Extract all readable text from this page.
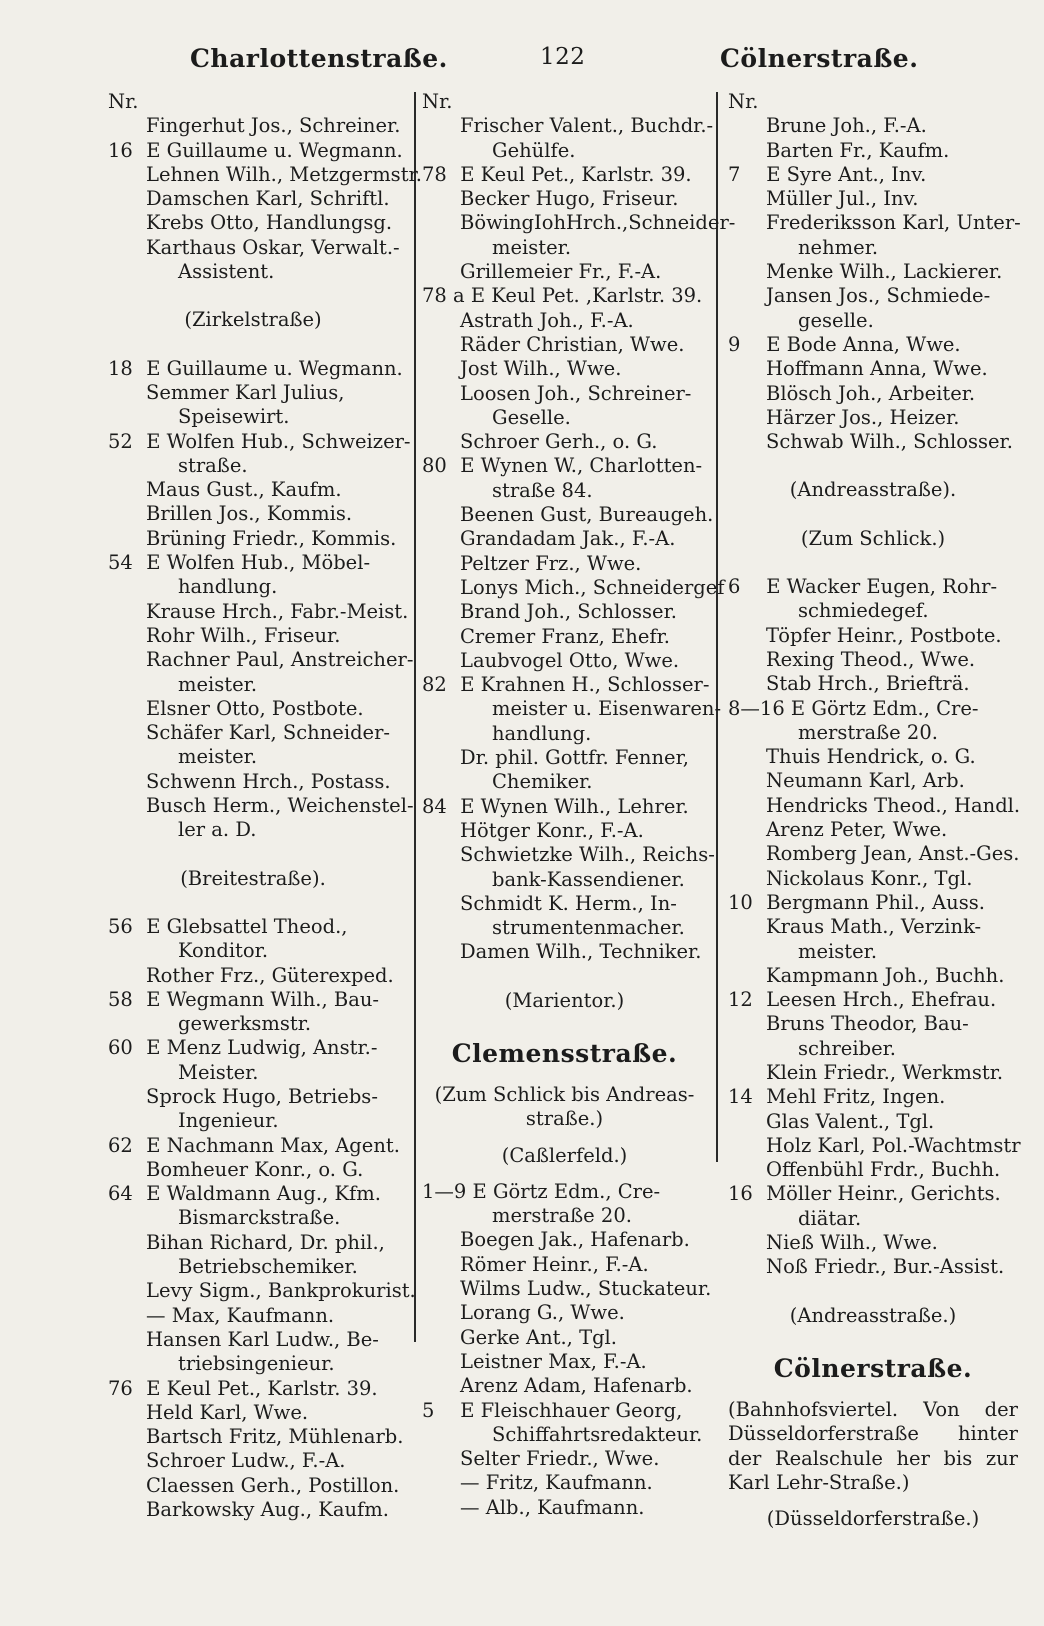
Charlottenstraße.	122	Cölnerstraße.
Nr.
Fingerhut Jos., Schreiner.
16 E Guillaume u. Wegmann.
Lehnen Wilh., Metzgermstr.
Damschen Karl, Schriftl.
Krebs Otto, Handlungsg.
Karthaus Oskar, Verwalt.-
Assistent.
(Zirkelstraße)
18 E Guillaume u. Wegmann.
Semmer Karl Julius,
Speisewirt.
52 E Wolfen Hub., Schweizer-
straße.
Maus Gust., Kaufm.
Brillen Jos., Kommis.
Brüning Friedr., Kommis.
54 E Wolfen Hub., Möbel-
handlung.
Krause Hrch., Fabr.-Meist.
Rohr Wilh., Friseur.
Rachner Paul, Anstreicher-
meister.
Elsner Otto, Postbote.
Schäfer Karl, Schneider-
meister.
Schwenn Hrch., Postass.
Busch Herm., Weichenstel-
ler a. D.
(Breitestraße).
56 E Glebsattel Theod.,
Konditor.
Rother Frz., Güterexped.
58 E Wegmann Wilh., Bau-
gewerksmstr.
60 E Menz Ludwig, Anstr.-
Meister.
Sprock Hugo, Betriebs-
Ingenieur.
62 E Nachmann Max, Agent.
Bomheuer Konr., o. G.
64 E Waldmann Aug., Kfm.
Bismarckstraße.
Bihan Richard, Dr. phil.,
Betriebschemiker.
Levy Sigm., Bankprokurist.
— Max, Kaufmann.
Hansen Karl Ludw., Be-
triebsingenieur.
76 E Keul Pet., Karlstr. 39.
Held Karl, Wwe.
Bartsch Fritz, Mühlenarb.
Schroer Ludw., F.-A.
Claessen Gerh., Postillon.
Barkowsky Aug., Kaufm.
Nr.
Frischer Valent., Buchdr.-
Gehülfe.
78 E Keul Pet., Karlstr. 39.
Becker Hugo, Friseur.
BöwingIohHrch.,Schneider-
meister.
Grillemeier Fr., F.-A.
78 a E Keul Pet. ,Karlstr. 39.
Astrath Joh., F.-A.
Räder Christian, Wwe.
Jost Wilh., Wwe.
Loosen Joh., Schreiner-
Geselle.
Schroer Gerh., o. G.
80 E Wynen W., Charlotten-
straße 84.
Beenen Gust, Bureaugeh.
Grandadam Jak., F.-A.
Peltzer Frz., Wwe.
Lonys Mich., Schneidergef
Brand Joh., Schlosser.
Cremer Franz, Ehefr.
Laubvogel Otto, Wwe.
82 E Krahnen H., Schlosser-
meister u. Eisenwaren-
handlung.
Dr. phil. Gottfr. Fenner,
Chemiker.
84 E Wynen Wilh., Lehrer.
Hötger Konr., F.-A.
Schwietzke Wilh., Reichs-
bank-Kassendiener.
Schmidt K. Herm., In-
strumentenmacher.
Damen Wilh., Techniker.
(Marientor.)
Clemensstraße.
(Zum Schlick bis Andreas-
straße.)
(Caßlerfeld.)
1—9 E Görtz Edm., Cre-
merstraße 20.
Boegen Jak., Hafenarb.
Römer Heinr., F.-A.
Wilms Ludw., Stuckateur.
Lorang G., Wwe.
Gerke Ant., Tgl.
Leistner Max, F.-A.
Arenz Adam, Hafenarb.
5 E Fleischhauer Georg,
Schiffahrtsredakteur.
Selter Friedr., Wwe.
— Fritz, Kaufmann.
— Alb., Kaufmann.
Nr.
Brune Joh., F.-A.
Barten Fr., Kaufm.
7 E Syre Ant., Inv.
Müller Jul., Inv.
Frederiksson Karl, Unter-
nehmer.
Menke Wilh., Lackierer.
Jansen Jos., Schmiede-
geselle.
9 E Bode Anna, Wwe.
Hoffmann Anna, Wwe.
Blösch Joh., Arbeiter.
Härzer Jos., Heizer.
Schwab Wilh., Schlosser.
(Andreasstraße).
(Zum Schlick.)
6 E Wacker Eugen, Rohr-
schmiedegef.
Töpfer Heinr., Postbote.
Rexing Theod., Wwe.
Stab Hrch., Briefträ.
8—16 E Görtz Edm., Cre-
merstraße 20.
Thuis Hendrick, o. G.
Neumann Karl, Arb.
Hendricks Theod., Handl.
Arenz Peter, Wwe.
Romberg Jean, Anst.-Ges.
Nickolaus Konr., Tgl.
10 Bergmann Phil., Auss.
Kraus Math., Verzink-
meister.
Kampmann Joh., Buchh.
12 Leesen Hrch., Ehefrau.
Bruns Theodor, Bau-
schreiber.
Klein Friedr., Werkmstr.
14 Mehl Fritz, Ingen.
Glas Valent., Tgl.
Holz Karl, Pol.-Wachtmstr
Offenbühl Frdr., Buchh.
16 Möller Heinr., Gerichts.
diätar.
Nieß Wilh., Wwe.
Noß Friedr., Bur.-Assist.
(Andreasstraße.)
Cölnerstraße.
(Bahnhofsviertel. Von der Düsseldorferstraße hinter der Realschule her bis zur Karl Lehr-Straße.)
(Düsseldorferstraße.)
